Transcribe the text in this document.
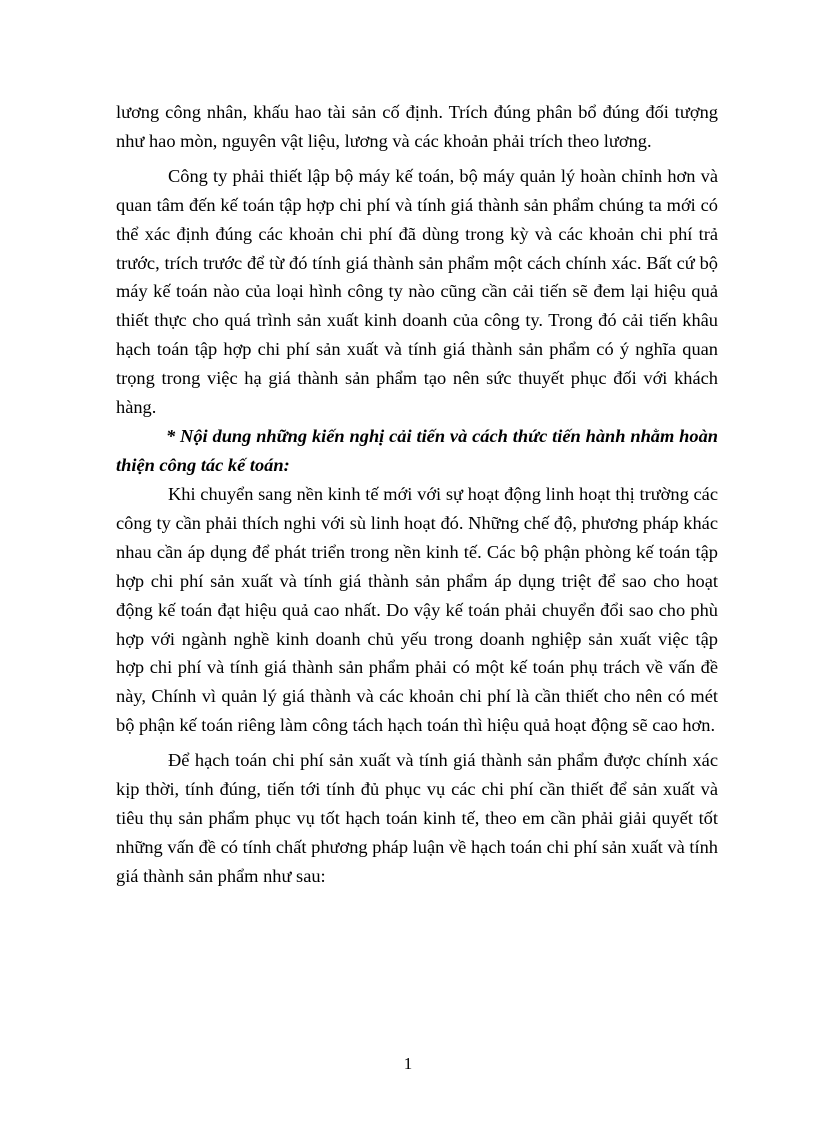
lương công nhân, khấu hao tài sản cố định. Trích đúng phân bổ đúng đối tượng như hao mòn, nguyên vật liệu, lương và các khoản phải trích theo lương.

Công ty phải thiết lập bộ máy kế toán, bộ máy quản lý hoàn chỉnh hơn và quan tâm đến kế toán tập hợp chi phí và tính giá thành sản phẩm chúng ta mới có thể xác định đúng các khoản chi phí đã dùng trong kỳ và các khoản chi phí trả trước, trích trước để từ đó tính giá thành sản phẩm một cách chính xác. Bất cứ bộ máy kế toán nào của loại hình công ty nào cũng cần cải tiến sẽ đem lại hiệu quả thiết thực cho quá trình sản xuất kinh doanh của công ty. Trong đó cải tiến khâu hạch toán tập hợp chi phí sản xuất và tính giá thành sản phẩm có ý nghĩa quan trọng trong việc hạ giá thành sản phẩm tạo nên sức thuyết phục đối với khách hàng.

* Nội dung những kiến nghị cải tiến và cách thức tiến hành nhằm hoàn thiện công tác kế toán:

Khi chuyển sang nền kinh tế mới với sự hoạt động linh hoạt thị trường các công ty cần phải thích nghi với sù linh hoạt đó. Những chế độ, phương pháp khác nhau cần áp dụng để phát triển trong nền kinh tế. Các bộ phận phòng kế toán tập hợp chi phí sản xuất và tính giá thành sản phẩm áp dụng triệt để sao cho hoạt động kế toán đạt hiệu quả cao nhất. Do vậy kế toán phải chuyển đổi sao cho phù hợp với ngành nghề kinh doanh chủ yếu trong doanh nghiệp sản xuất việc tập hợp chi phí và tính giá thành sản phẩm phải có một kế toán phụ trách về vấn đề này, Chính vì quản lý giá thành và các khoản chi phí là cần thiết cho nên có mét bộ phận kế toán riêng làm công tách hạch toán thì hiệu quả hoạt động sẽ cao hơn.

Để hạch toán chi phí sản xuất và tính giá thành sản phẩm được chính xác kịp thời, tính đúng, tiến tới tính đủ phục vụ các chi phí cần thiết để sản xuất và tiêu thụ sản phẩm phục vụ tốt hạch toán kinh tế, theo em cần phải giải quyết tốt những vấn đề có tính chất phương pháp luận về hạch toán chi phí sản xuất và tính giá thành sản phẩm như sau:

1
